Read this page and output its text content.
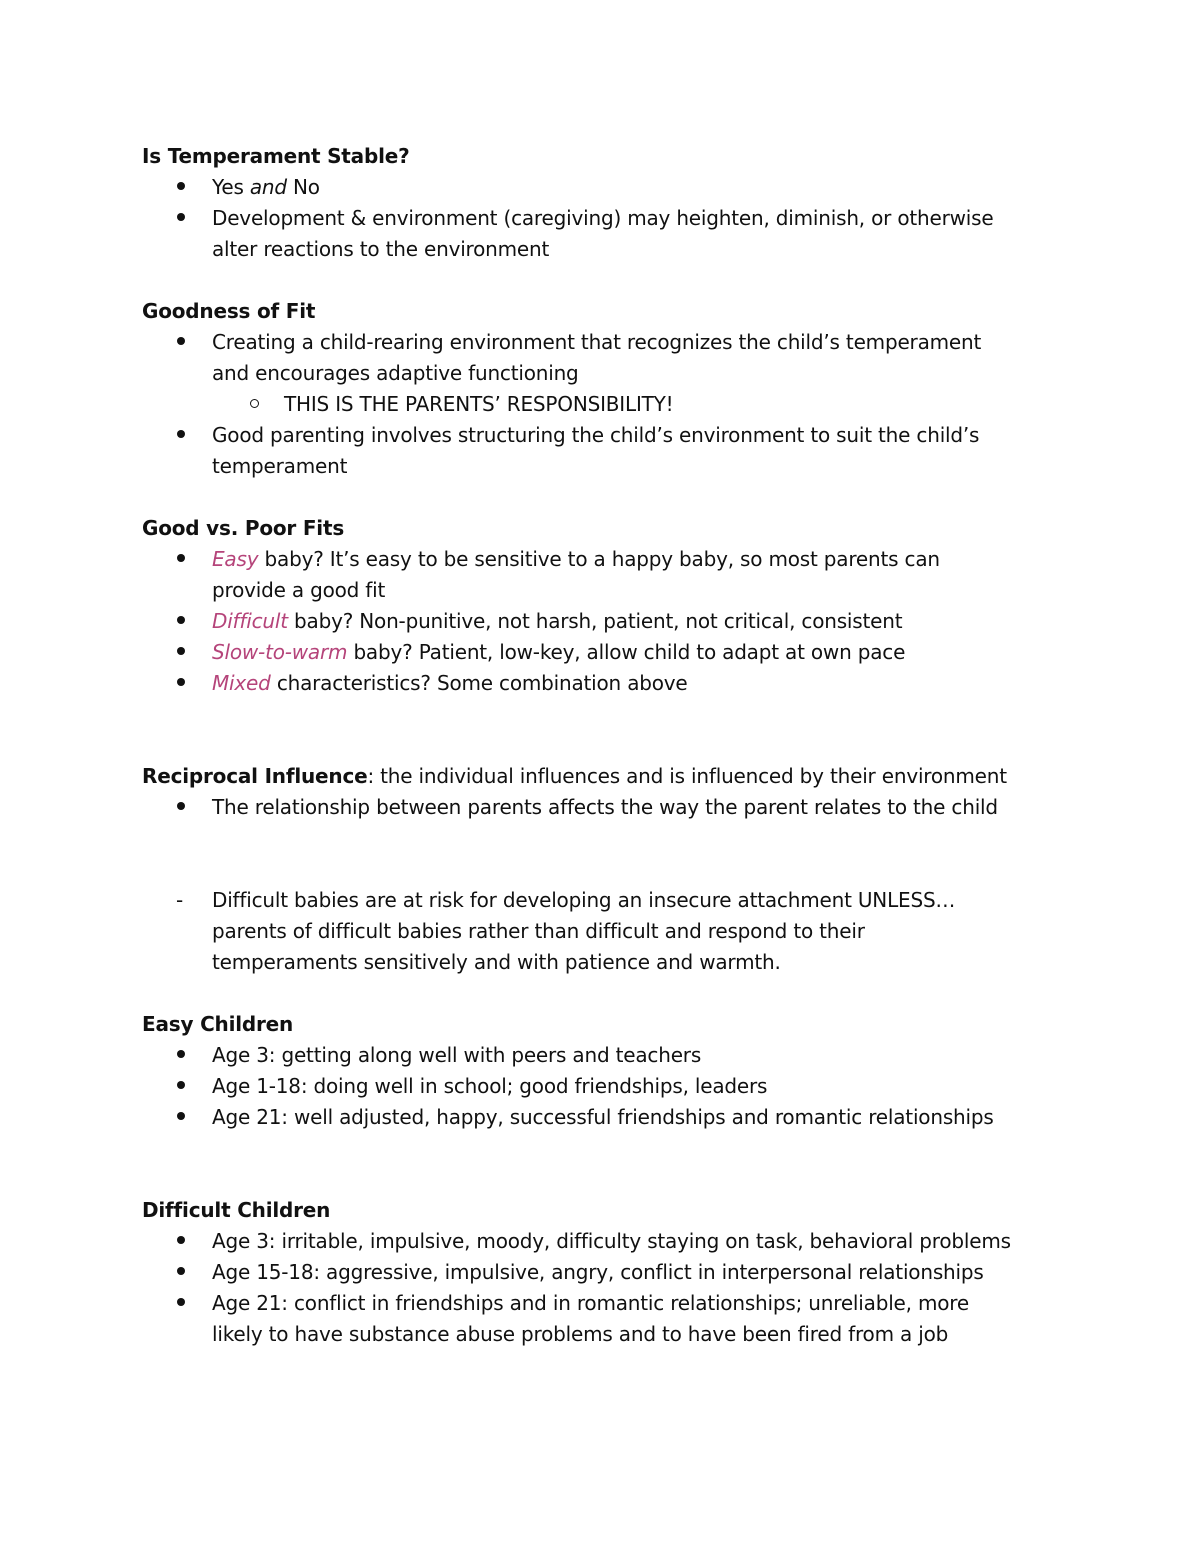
Is Temperament Stable?
Yes and No
Development & environment (caregiving) may heighten, diminish, or otherwise
alter reactions to the environment
Goodness of Fit
Creating a child-rearing environment that recognizes the child’s temperament
and encourages adaptive functioning
THIS IS THE PARENTS’ RESPONSIBILITY!
Good parenting involves structuring the child’s environment to suit the child’s
temperament
Good vs. Poor Fits
Easy baby? It’s easy to be sensitive to a happy baby, so most parents can
provide a good fit
Difficult baby? Non-punitive, not harsh, patient, not critical, consistent
Slow-to-warm baby? Patient, low-key, allow child to adapt at own pace
Mixed characteristics? Some combination above
Reciprocal Influence: the individual influences and is influenced by their environment
The relationship between parents affects the way the parent relates to the child
- Difficult babies are at risk for developing an insecure attachment UNLESS…
parents of difficult babies rather than difficult and respond to their
temperaments sensitively and with patience and warmth.
Easy Children
Age 3: getting along well with peers and teachers
Age 1-18: doing well in school; good friendships, leaders
Age 21: well adjusted, happy, successful friendships and romantic relationships
Difficult Children
Age 3: irritable, impulsive, moody, difficulty staying on task, behavioral problems
Age 15-18: aggressive, impulsive, angry, conflict in interpersonal relationships
Age 21: conflict in friendships and in romantic relationships; unreliable, more
likely to have substance abuse problems and to have been fired from a job
